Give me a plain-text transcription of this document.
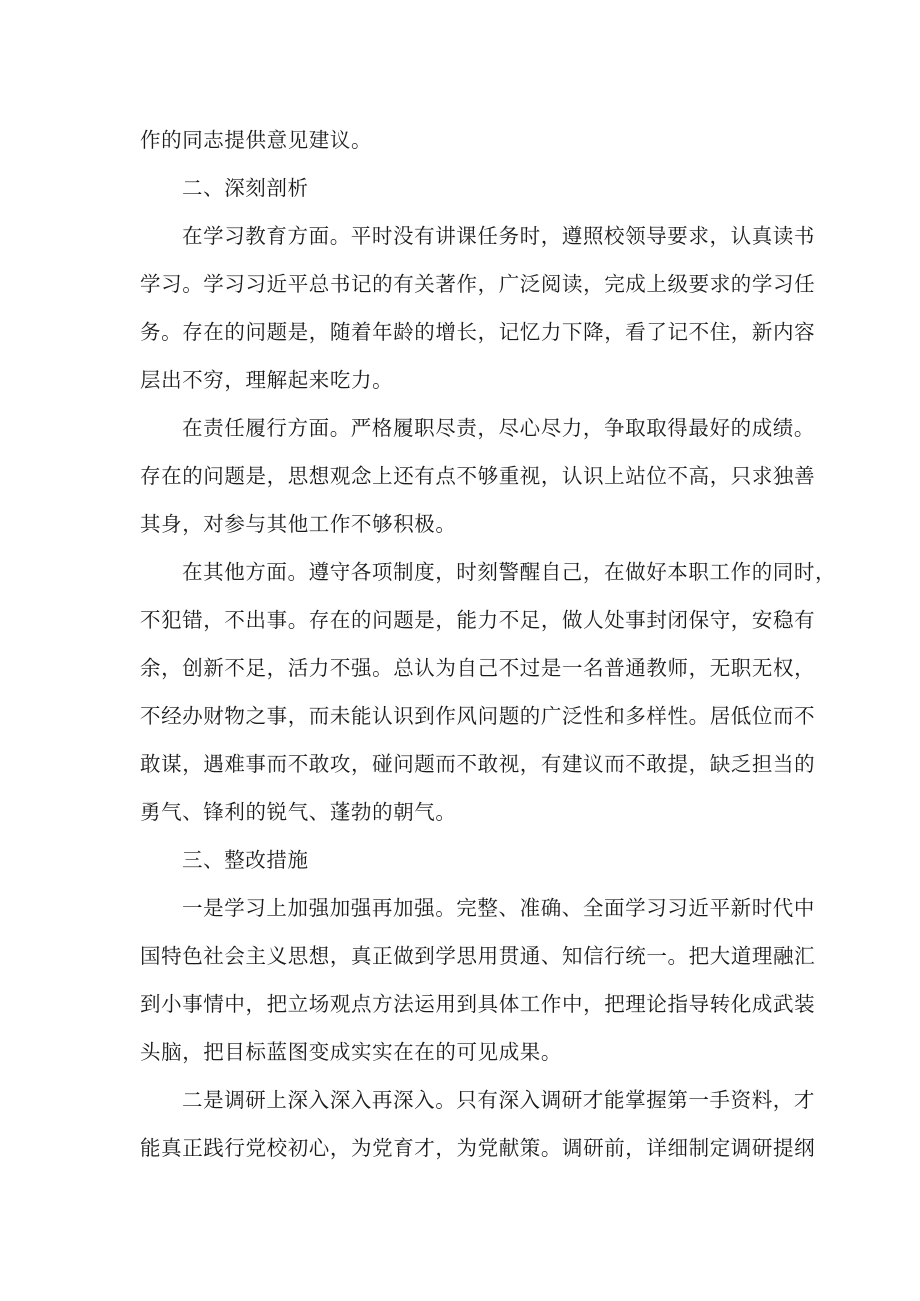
作的同志提供意见建议。
二、深刻剖析
在学习教育方面。平时没有讲课任务时，遵照校领导要求，认真读书
学习。学习习近平总书记的有关著作，广泛阅读，完成上级要求的学习任
务。存在的问题是，随着年龄的增长，记忆力下降，看了记不住，新内容
层出不穷，理解起来吃力。
在责任履行方面。严格履职尽责，尽心尽力，争取取得最好的成绩。
存在的问题是，思想观念上还有点不够重视，认识上站位不高，只求独善
其身，对参与其他工作不够积极。
在其他方面。遵守各项制度，时刻警醒自己，在做好本职工作的同时，
不犯错，不出事。存在的问题是，能力不足，做人处事封闭保守，安稳有
余，创新不足，活力不强。总认为自己不过是一名普通教师，无职无权，
不经办财物之事，而未能认识到作风问题的广泛性和多样性。居低位而不
敢谋，遇难事而不敢攻，碰问题而不敢视，有建议而不敢提，缺乏担当的
勇气、锋利的锐气、蓬勃的朝气。
三、整改措施
一是学习上加强加强再加强。完整、准确、全面学习习近平新时代中
国特色社会主义思想，真正做到学思用贯通、知信行统一。把大道理融汇
到小事情中，把立场观点方法运用到具体工作中，把理论指导转化成武装
头脑，把目标蓝图变成实实在在的可见成果。
二是调研上深入深入再深入。只有深入调研才能掌握第一手资料，才
能真正践行党校初心，为党育才，为党献策。调研前，详细制定调研提纲
